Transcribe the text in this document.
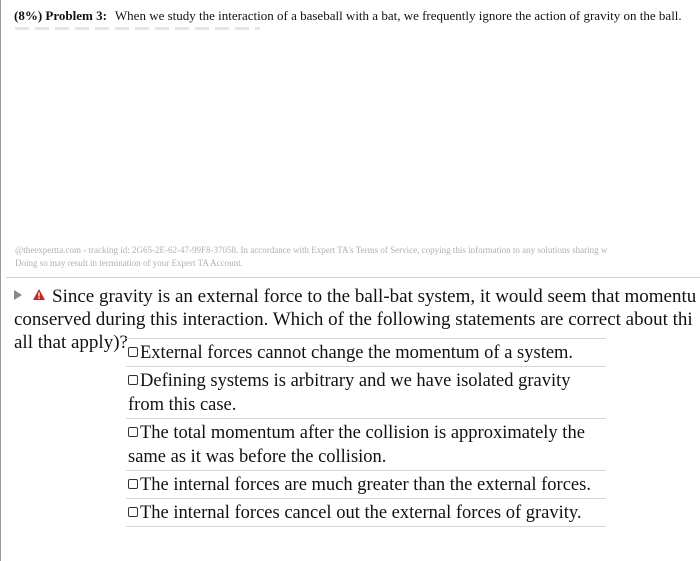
(8%) Problem 3: When we study the interaction of a baseball with a bat, we frequently ignore the action of gravity on the ball.
@theexpertta.com - tracking id: 2G65-2E-62-47-99F8-37058. In accordance with Expert TA's Terms of Service, copying this information to any solutions sharing w
Doing so may result in termination of your Expert TA Account.
Since gravity is an external force to the ball-bat system, it would seem that momentu
conserved during this interaction. Which of the following statements are correct about thi
all that apply)? External forces cannot change the momentum of a system.
Defining systems is arbitrary and we have isolated gravity from this case.
The total momentum after the collision is approximately the same as it was before the collision.
The internal forces are much greater than the external forces.
The internal forces cancel out the external forces of gravity.
